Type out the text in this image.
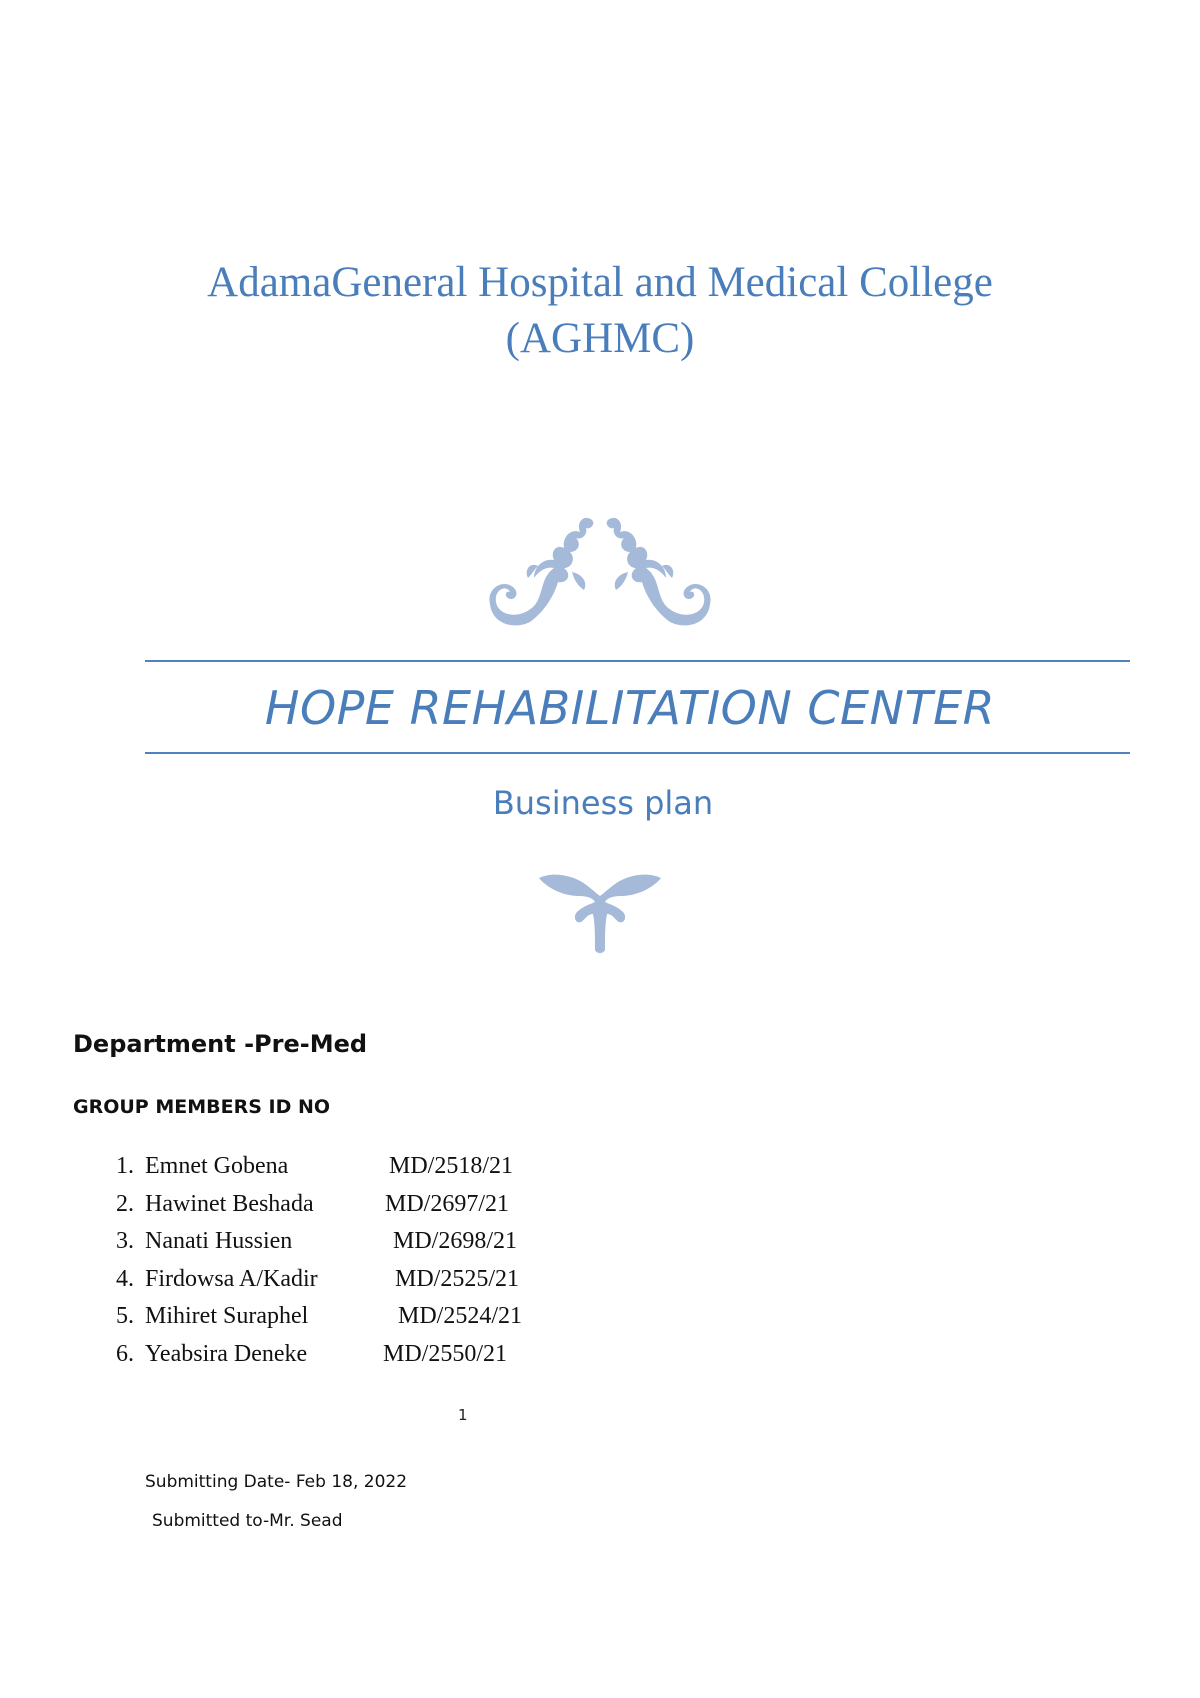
AdamaGeneral Hospital and Medical College
(AGHMC)
HOPE REHABILITATION CENTER

Business plan

Department -Pre-Med
GROUP MEMBERS ID NO
1. Emnet Gobena	MD/2518/21
2. Hawinet Beshada	MD/2697/21
3. Nanati Hussien	MD/2698/21
4. Firdowsa A/Kadir	MD/2525/21
5. Mihiret Suraphel	MD/2524/21
6. Yeabsira Deneke	MD/2550/21
1

Submitting Date- Feb 18, 2022

Submitted to-Mr. Sead
